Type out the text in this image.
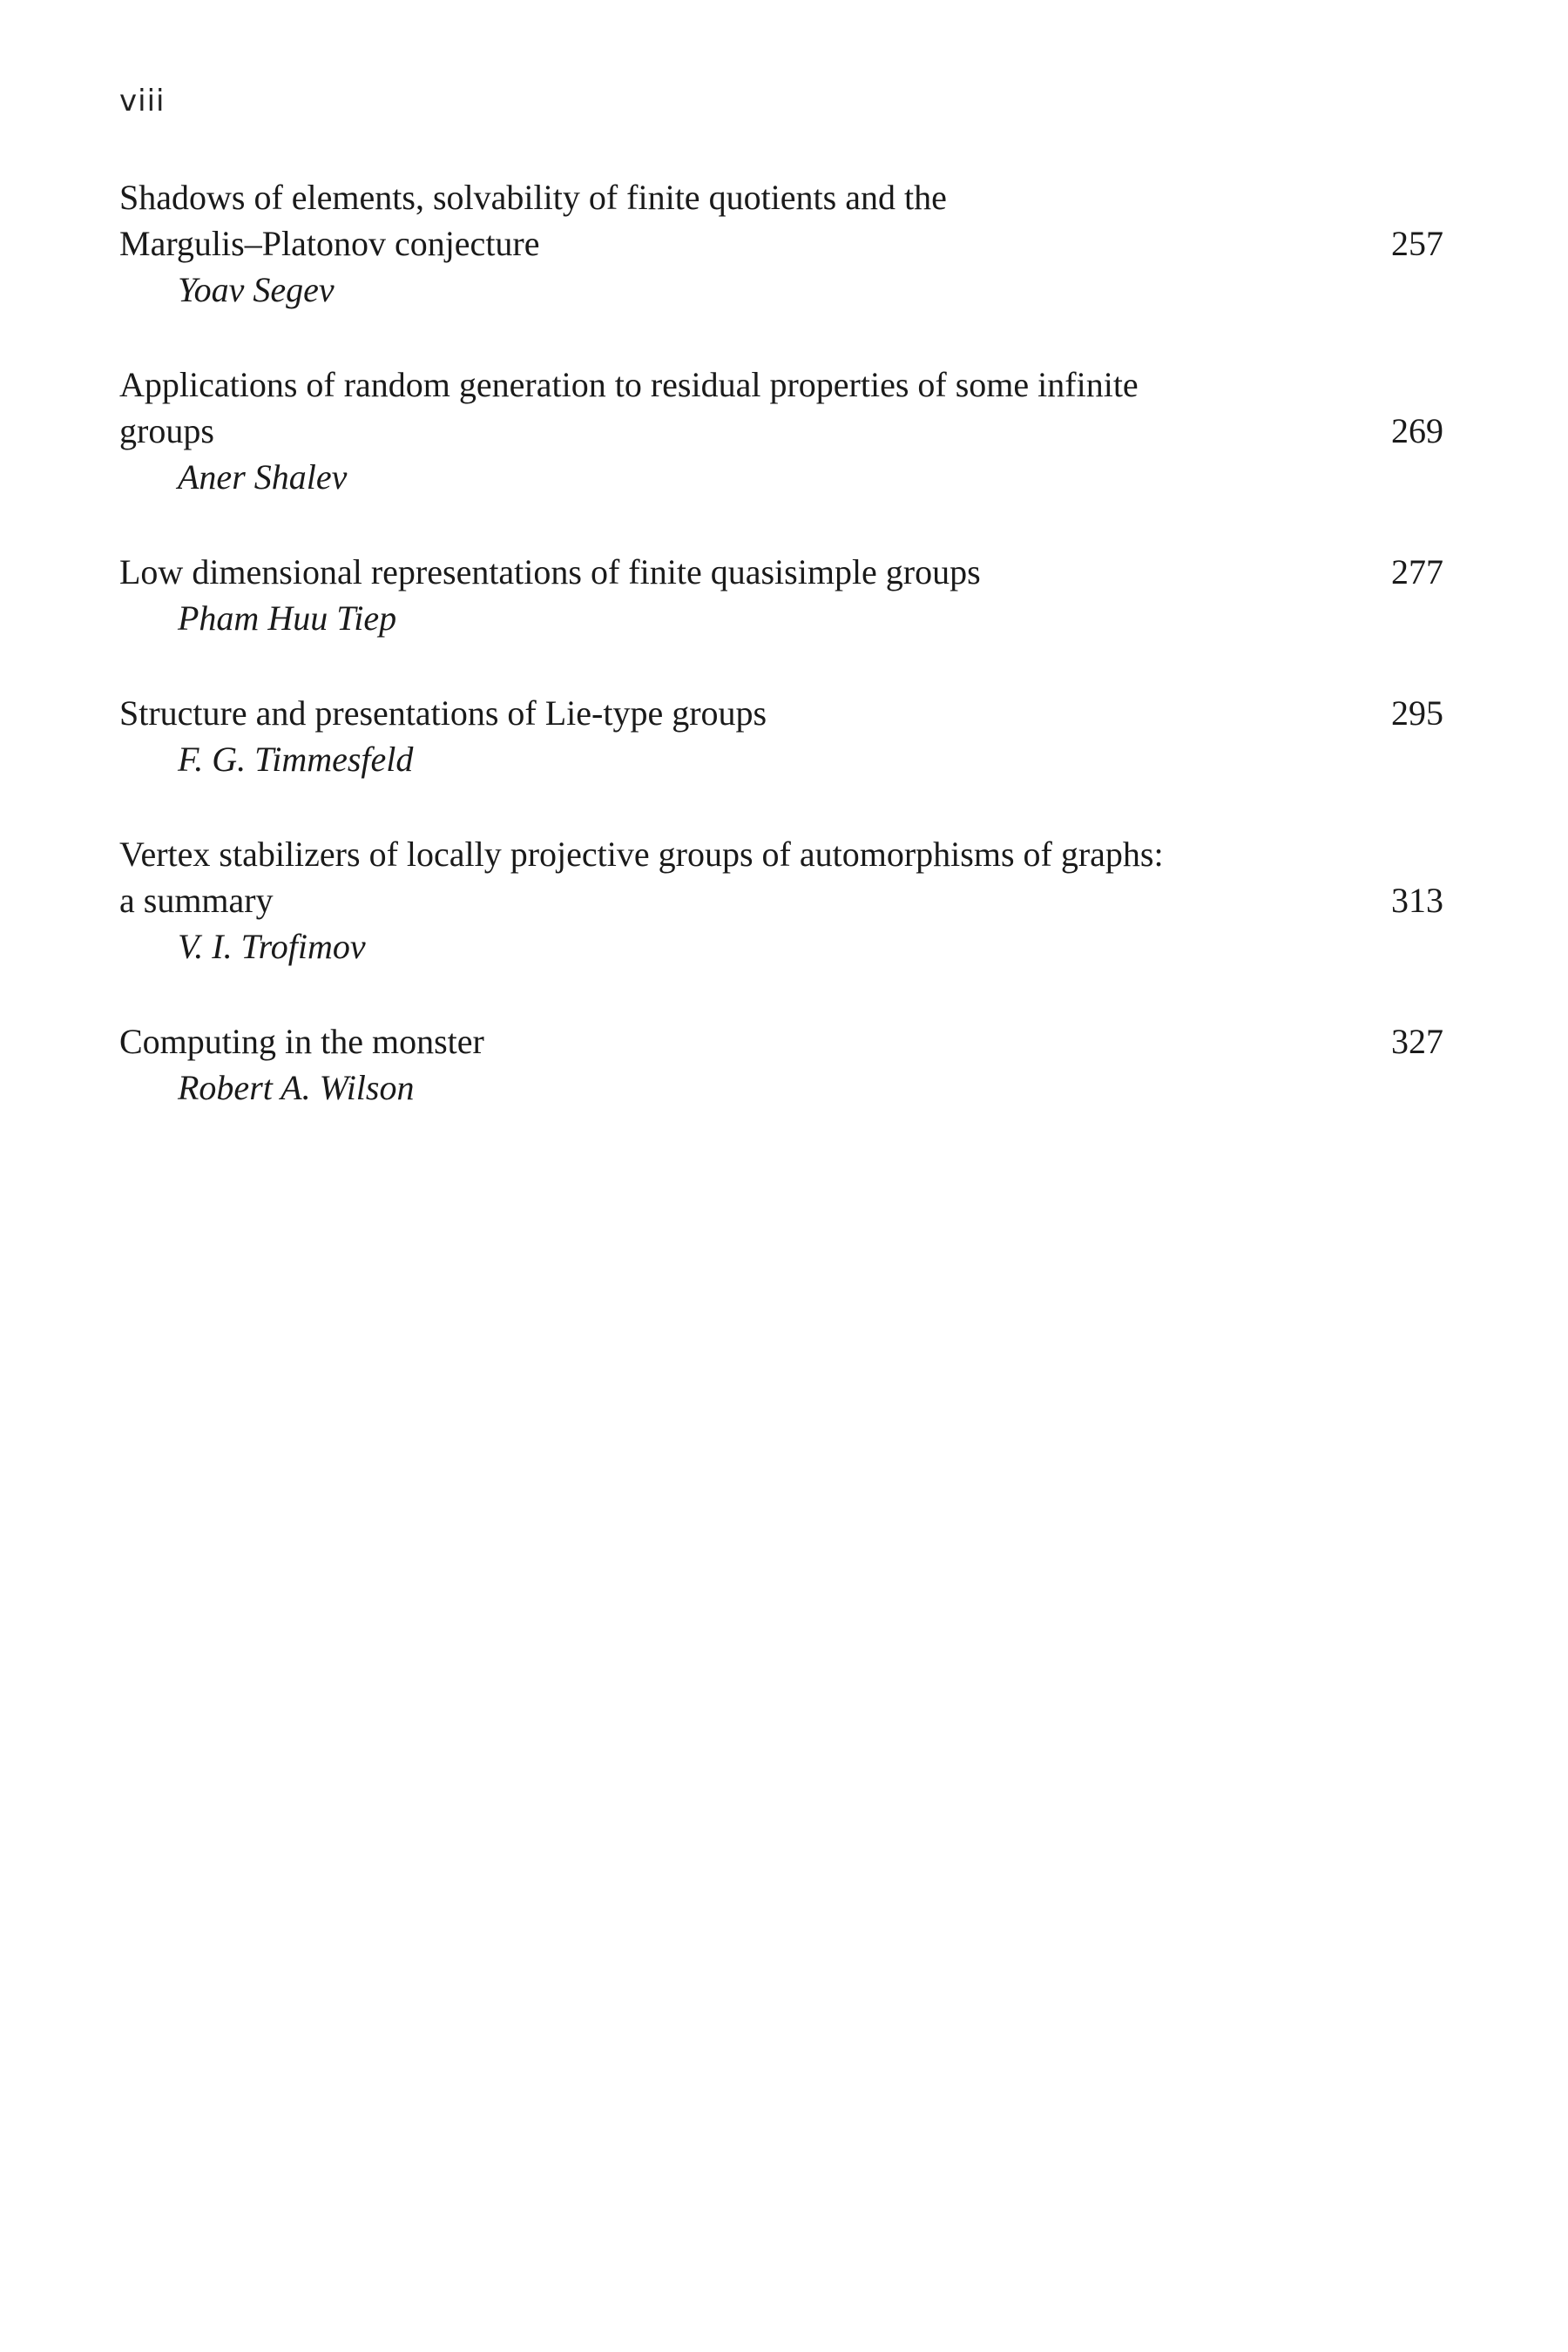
viii
Shadows of elements, solvability of finite quotients and the
Margulis–Platonov conjecture	257
Yoav Segev
Applications of random generation to residual properties of some infinite
groups	269
Aner Shalev
Low dimensional representations of finite quasisimple groups	277
Pham Huu Tiep
Structure and presentations of Lie-type groups	295
F. G. Timmesfeld
Vertex stabilizers of locally projective groups of automorphisms of graphs:
a summary	313
V. I. Trofimov
Computing in the monster	327
Robert A. Wilson
